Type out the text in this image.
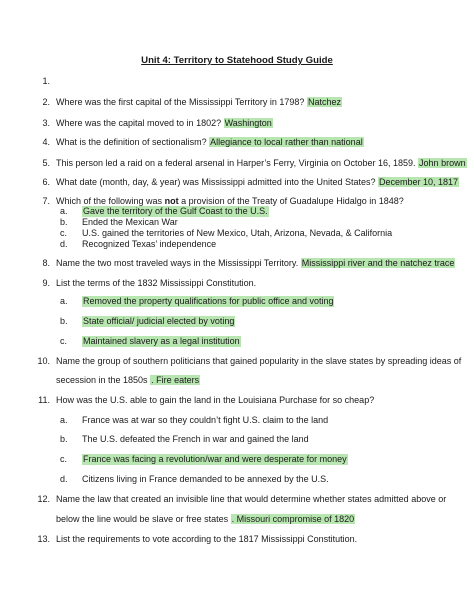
Unit 4: Territory to Statehood Study Guide
1.
2. Where was the first capital of the Mississippi Territory in 1798? Natchez
3. Where was the capital moved to in 1802? Washington
4. What is the definition of sectionalism? Allegiance to local rather than national
5. This person led a raid on a federal arsenal in Harper’s Ferry, Virginia on October 16, 1859. John brown
6. What date (month, day, & year) was Mississippi admitted into the United States? December 10, 1817
7. Which of the following was not a provision of the Treaty of Guadalupe Hidalgo in 1848?
a.	Gave the territory of the Gulf Coast to the U.S.
b.	Ended the Mexican War
c.	U.S. gained the territories of New Mexico, Utah, Arizona, Nevada, & California
d.	Recognized Texas’ independence
8. Name the two most traveled ways in the Mississippi Territory. Mississippi river and the natchez trace
9. List the terms of the 1832 Mississippi Constitution.
a.	Removed the property qualifications for public office and voting
b.	State official/ judicial elected by voting
c.	Maintained slavery as a legal institution
10. Name the group of southern politicians that gained popularity in the slave states by spreading ideas of
secession in the 1850s . Fire eaters
11. How was the U.S. able to gain the land in the Louisiana Purchase for so cheap?
a.	France was at war so they couldn’t fight U.S. claim to the land
b.	The U.S. defeated the French in war and gained the land
c.	France was facing a revolution/war and were desperate for money
d.	Citizens living in France demanded to be annexed by the U.S.
12. Name the law that created an invisible line that would determine whether states admitted above or
below the line would be slave or free states . Missouri compromise of 1820
13. List the requirements to vote according to the 1817 Mississippi Constitution.
